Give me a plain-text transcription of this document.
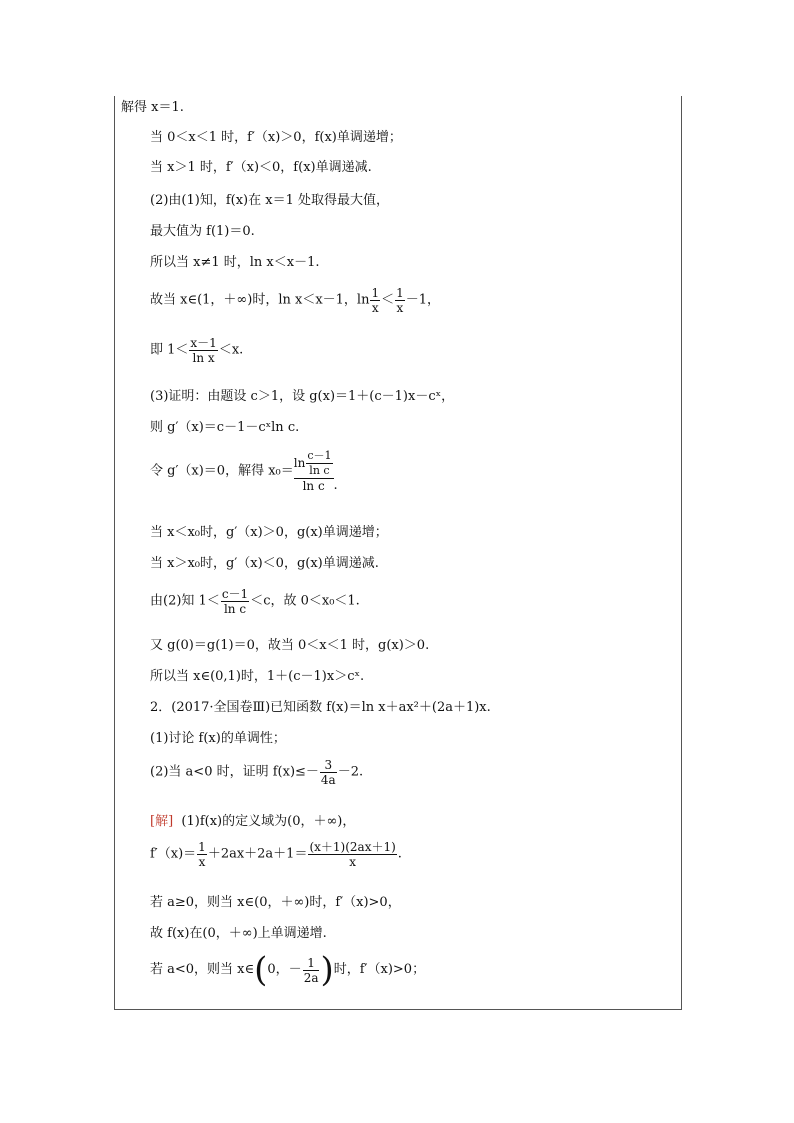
解得 x＝1.
当 0＜x＜1 时，f′（x)＞0，f(x)单调递增；
当 x＞1 时，f′（x)＜0，f(x)单调递减.
(2)由(1)知，f(x)在 x＝1 处取得最大值，
最大值为 f(1)＝0.
所以当 x≠1 时，ln x＜x－1.
故当 x∈(1，＋∞)时，ln x＜x－1，$\ln \frac{1}{x} < \frac{1}{x} -1$，
即 $1< \frac{x-1}{\text{ln x}} <x$.
(3)证明：由题设 c＞1，设 g(x)＝1＋(c－1)x－cˣ，
则 g′（x)＝c－1－cˣln c.
令 g′（x)＝0，解得 $x_0= \frac{\ln \frac{c-1}{\text{ln c}}}{\text{ln c}}$ .
当 x＜x₀时，g′（x)＞0，g(x)单调递增；
当 x＞x₀时，g′（x)＜0，g(x)单调递减.
由(2)知 $1< \frac{c-1}{\text{ln c}} <c$，故 0＜x₀＜1.
又 g(0)＝g(1)＝0，故当 0＜x＜1 时，g(x)＞0.
所以当 x∈(0,1)时，1＋(c－1)x＞cˣ.
2．(2017·全国卷Ⅲ)已知函数 f(x)＝ln x＋ax²＋(2a＋1)x.
(1)讨论 f(x)的单调性；
(2)当 a<0 时，证明 $f(x)\le- \frac{3}{4a} -2$.
[解] (1)f(x)的定义域为(0，＋∞)，
$f'(x)= \frac{1}{x} +2ax+2a+1= \frac{(x+1)(2ax+1)}{x}$ .
若 a≥0，则当 x∈(0，＋∞)时，f′（x)>0，
故 f(x)在(0，＋∞)上单调递增.
若 a<0，则当 x∈(0，－ $\frac{1}{2a}$ )时，f′（x)>0；
